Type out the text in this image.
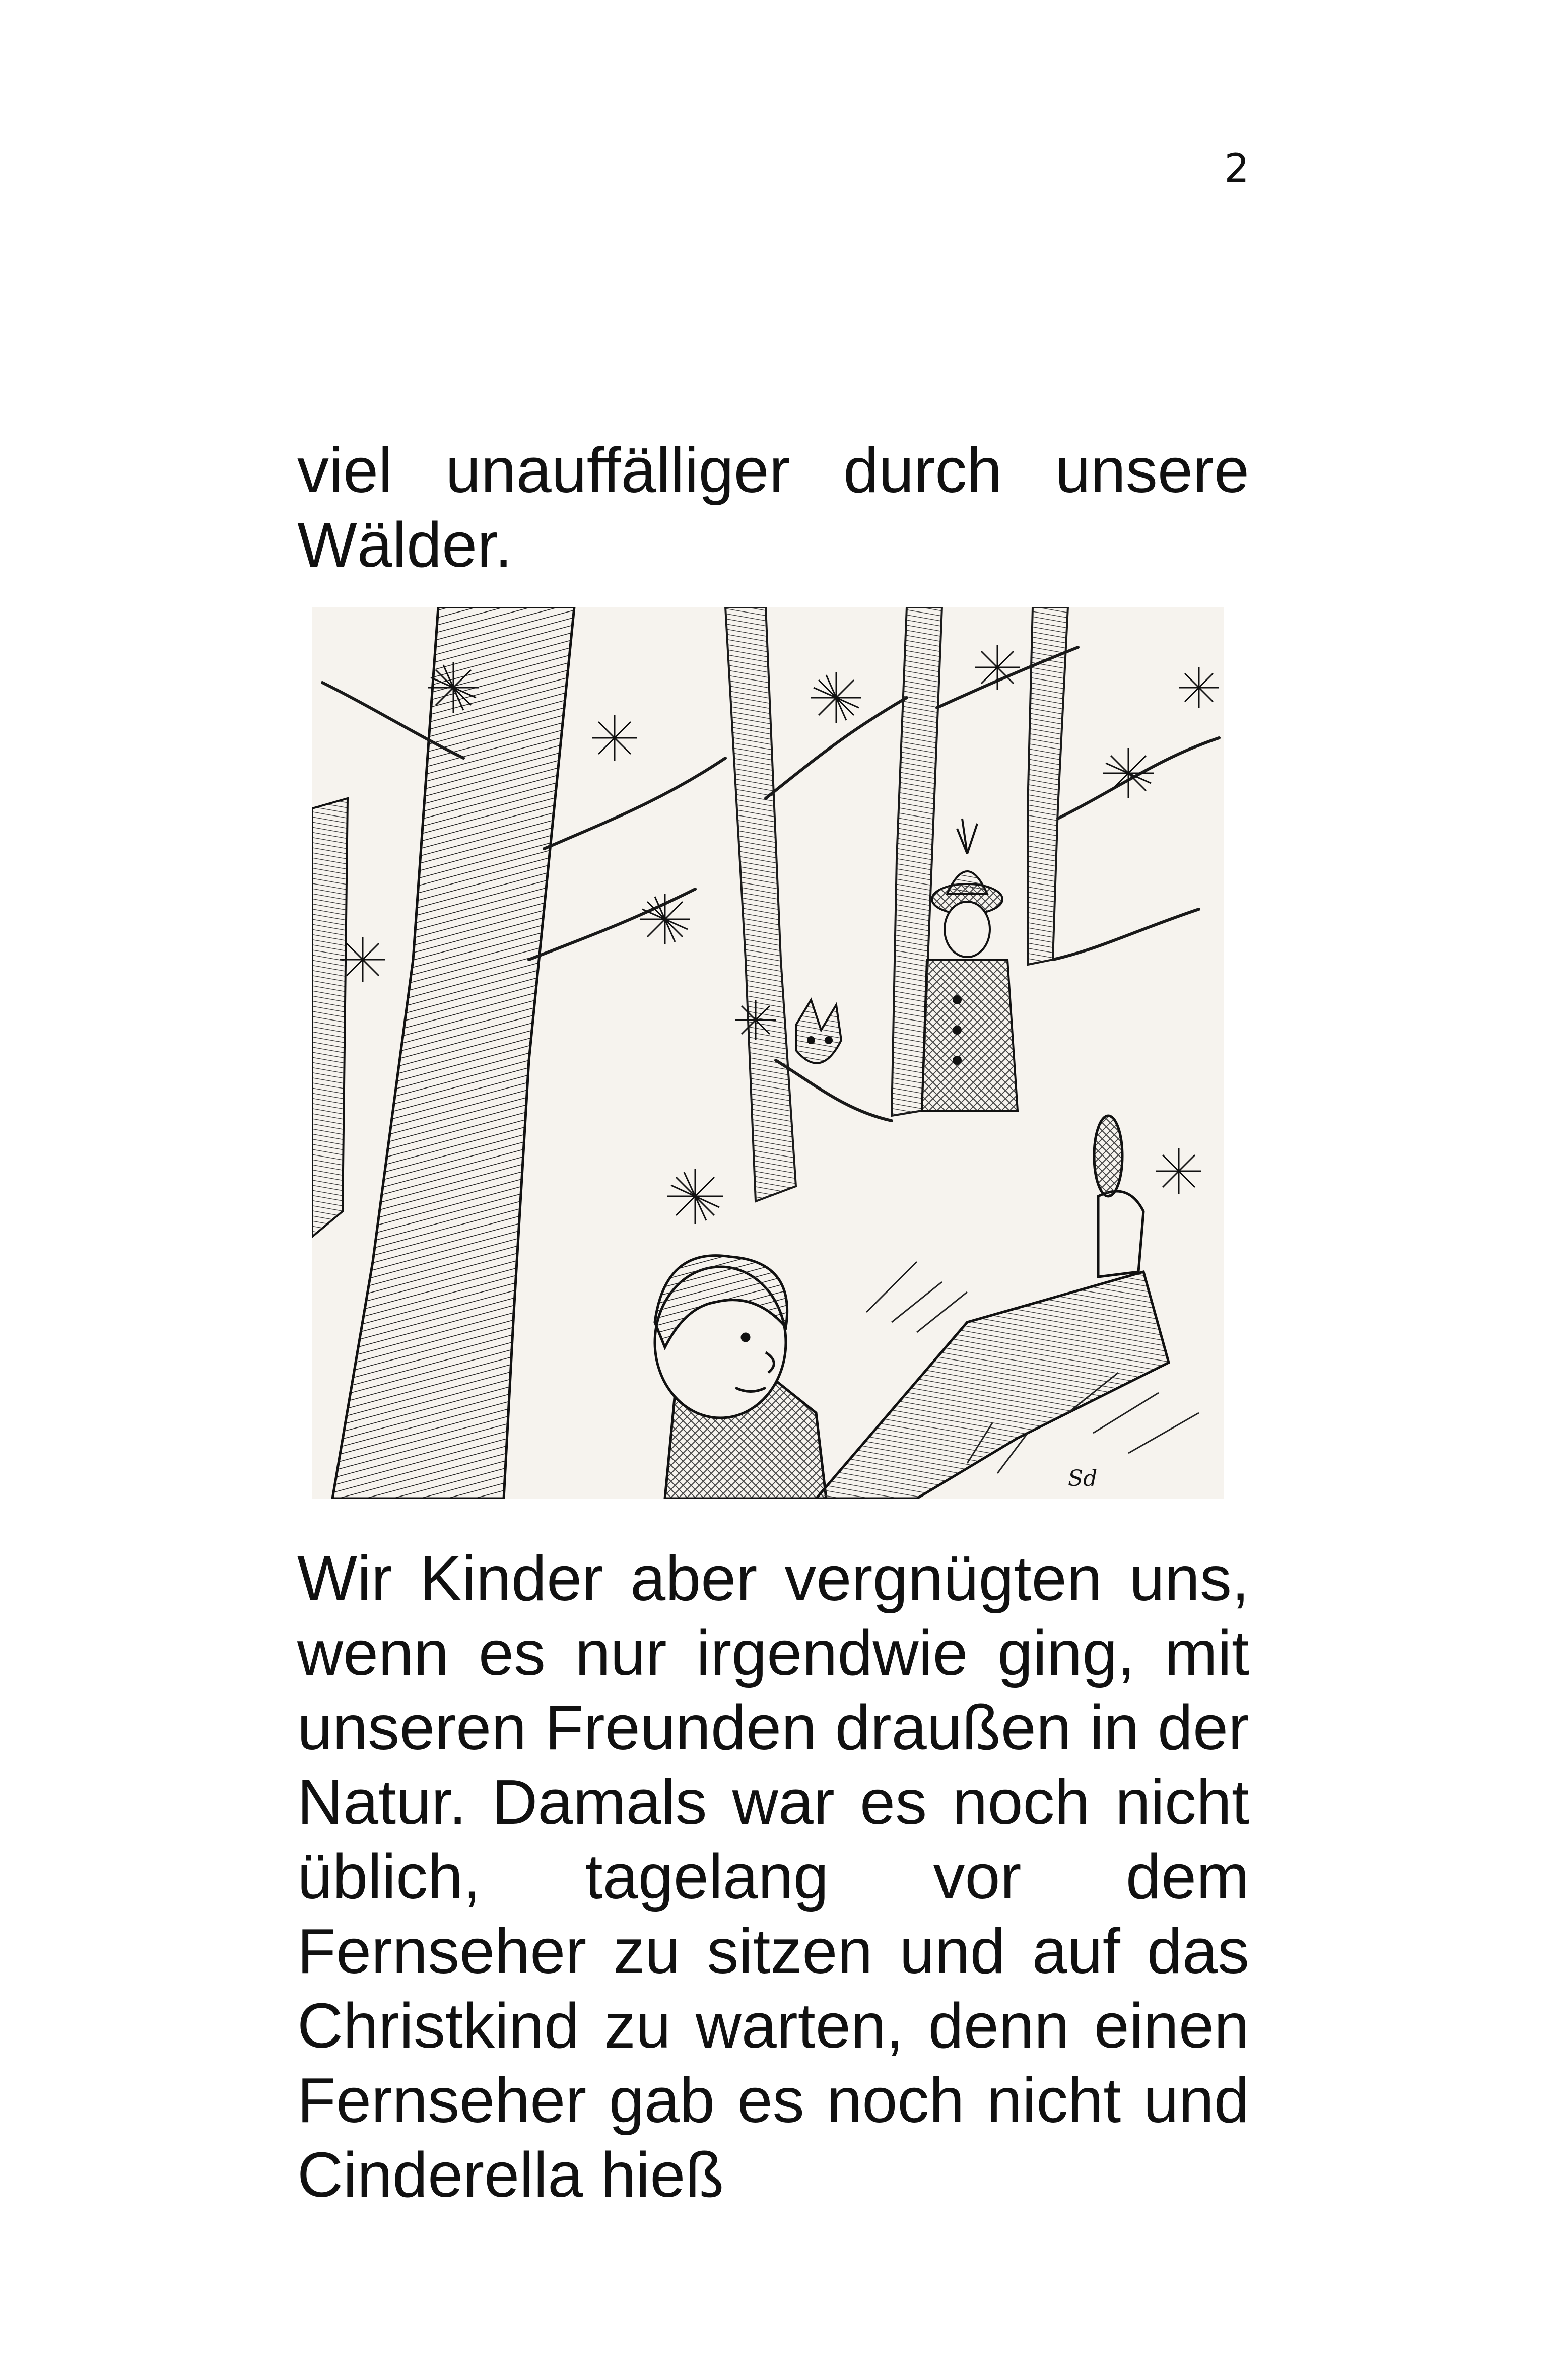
2

viel unauffälliger durch unsere Wälder.

Sd

Wir Kinder aber vergnügten uns, wenn es nur irgendwie ging, mit unseren Freunden draußen in der Natur. Damals war es noch nicht üblich, tagelang vor dem Fernseher zu sitzen und auf das Christkind zu warten, denn einen Fernseher gab es noch nicht und Cinderella hieß
